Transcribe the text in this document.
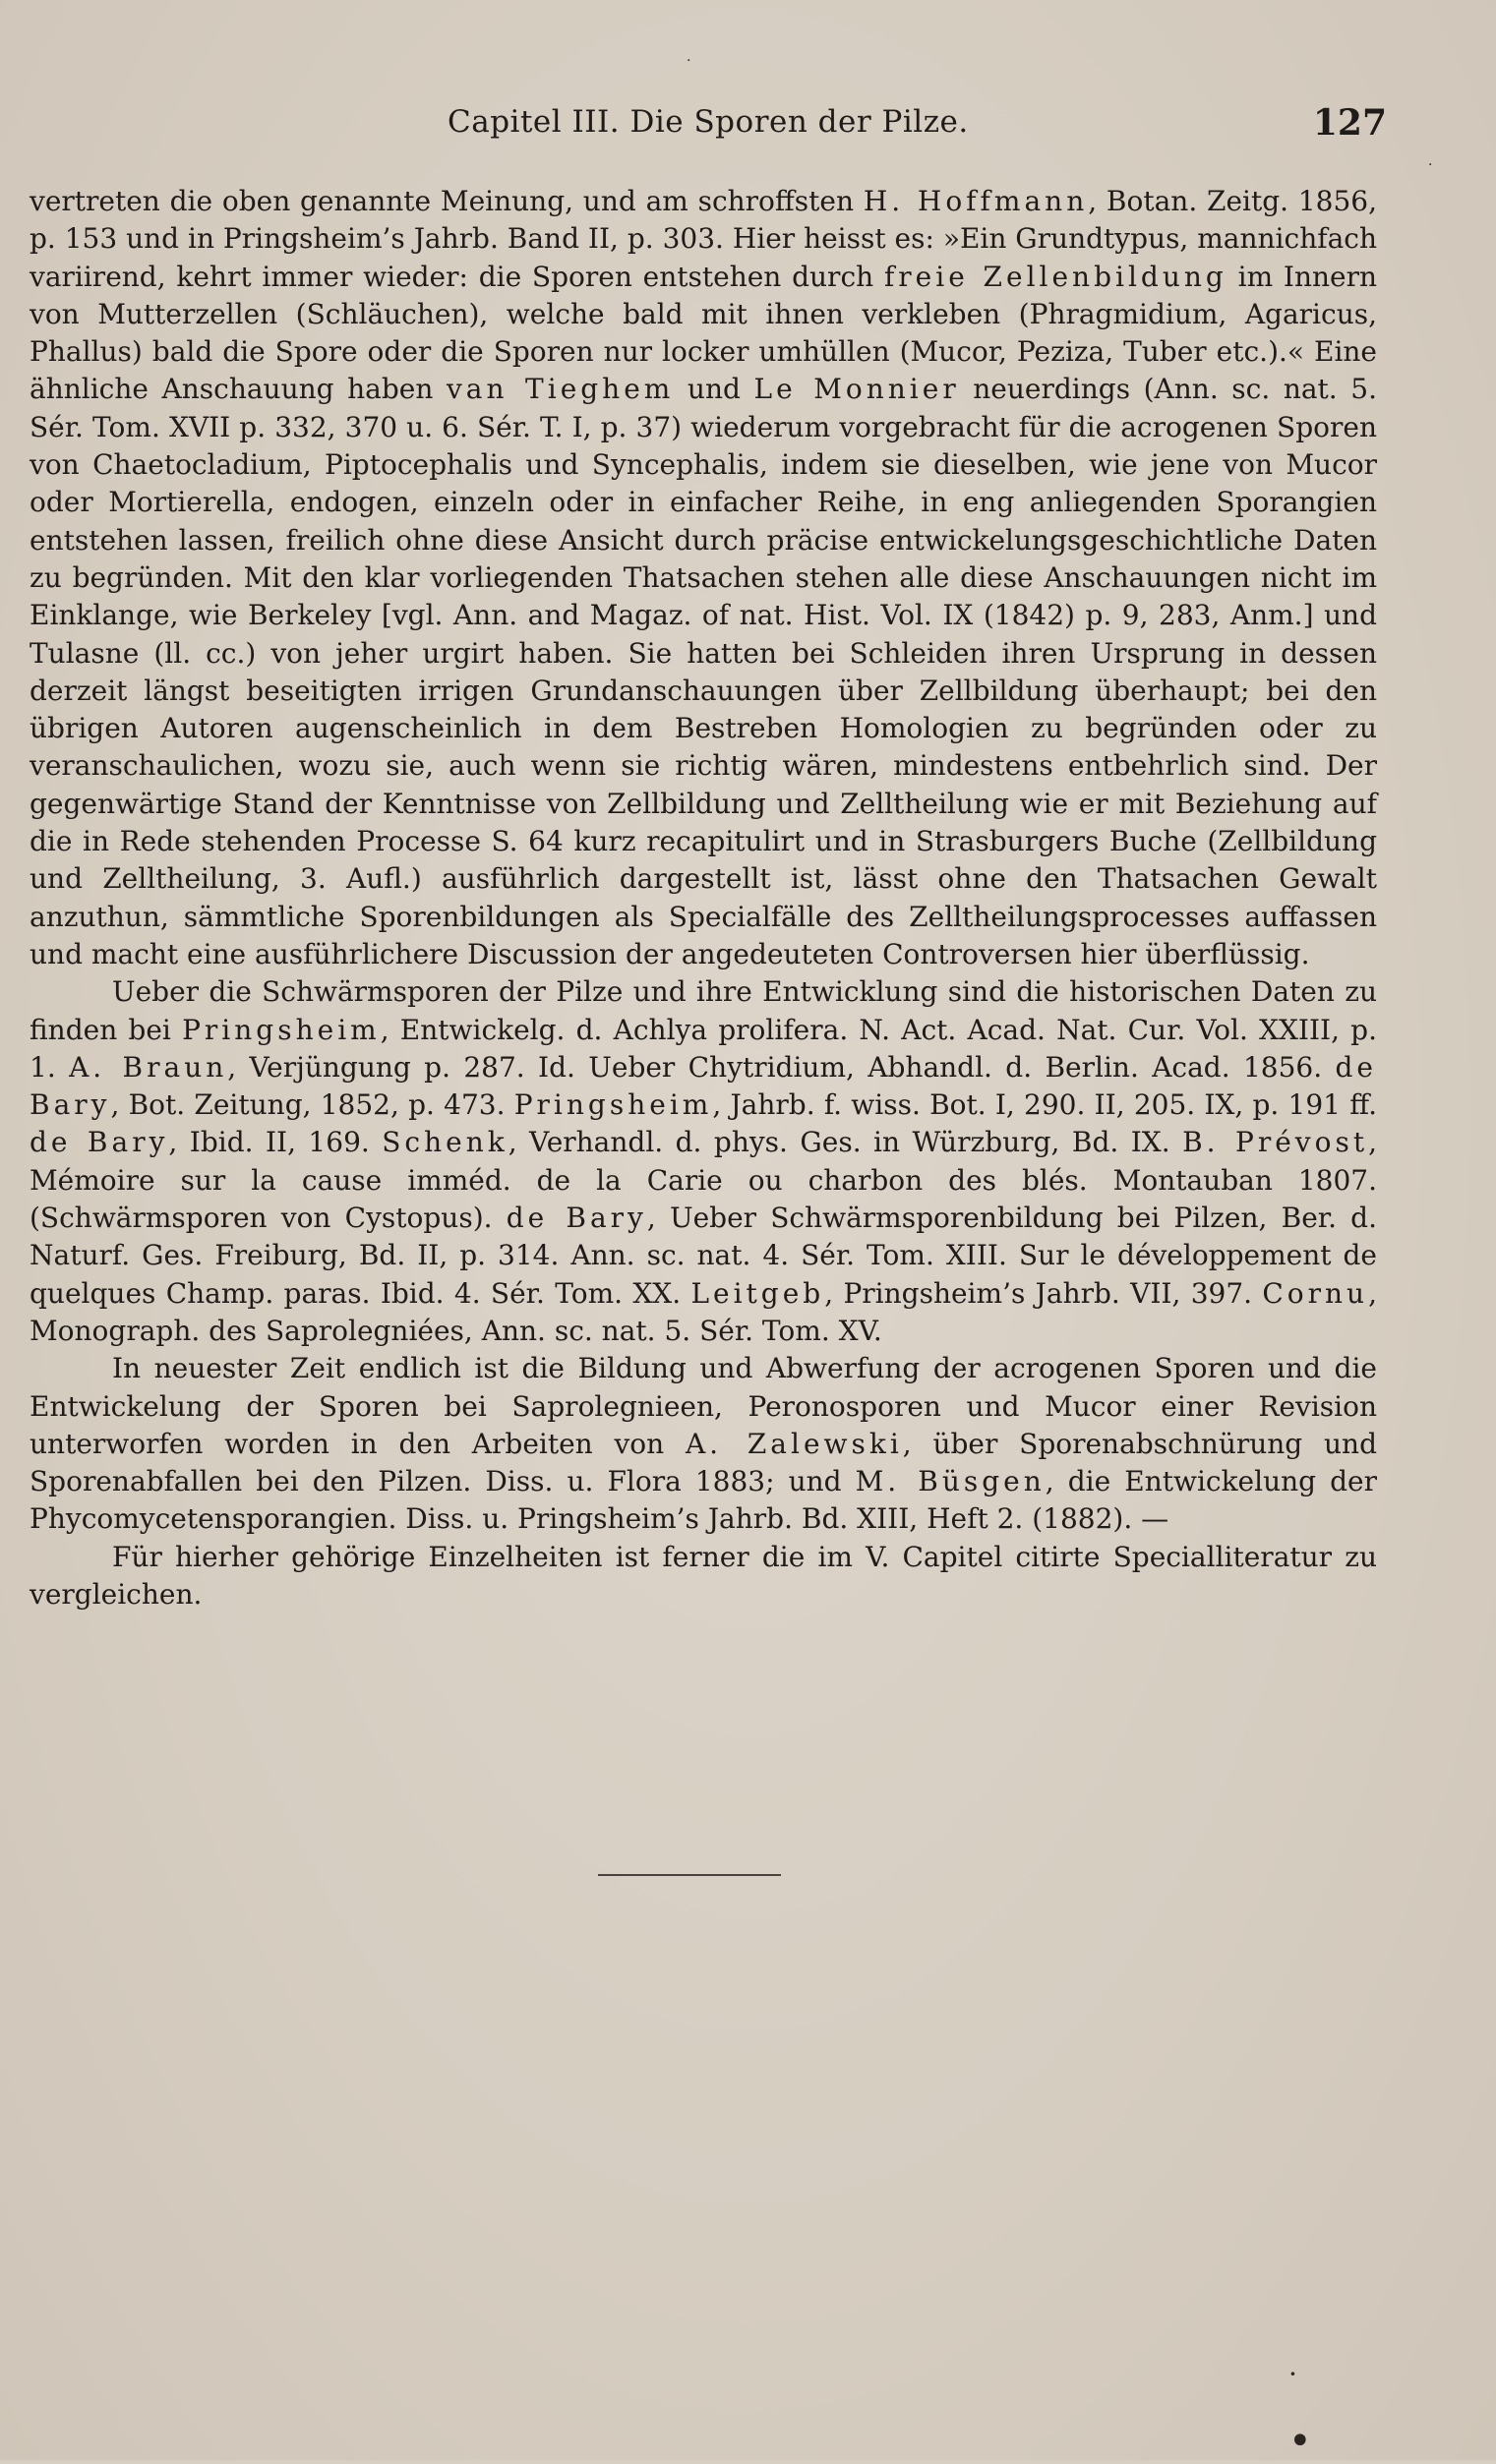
Capitel III. Die Sporen der Pilze.	127

vertreten die oben genannte Meinung, und am schroffsten H. Hoffmann, Botan. Zeitg. 1856, p. 153 und in Pringsheim’s Jahrb. Band II, p. 303. Hier heisst es: »Ein Grundtypus, mannichfach variirend, kehrt immer wieder: die Sporen entstehen durch freie Zellenbildung im Innern von Mutterzellen (Schläuchen), welche bald mit ihnen verkleben (Phragmidium, Agaricus, Phallus) bald die Spore oder die Sporen nur locker umhüllen (Mucor, Peziza, Tuber etc.).« Eine ähnliche Anschauung haben van Tieghem und Le Monnier neuerdings (Ann. sc. nat. 5. Sér. Tom. XVII p. 332, 370 u. 6. Sér. T. I, p. 37) wiederum vorgebracht für die acrogenen Sporen von Chaetocladium, Piptocephalis und Syncephalis, indem sie dieselben, wie jene von Mucor oder Mortierella, endogen, einzeln oder in einfacher Reihe, in eng anliegenden Sporangien entstehen lassen, freilich ohne diese Ansicht durch präcise entwickelungsgeschichtliche Daten zu begründen. Mit den klar vorliegenden Thatsachen stehen alle diese Anschauungen nicht im Einklange, wie Berkeley [vgl. Ann. and Magaz. of nat. Hist. Vol. IX (1842) p. 9, 283, Anm.] und Tulasne (ll. cc.) von jeher urgirt haben. Sie hatten bei Schleiden ihren Ursprung in dessen derzeit längst beseitigten irrigen Grundanschauungen über Zellbildung überhaupt; bei den übrigen Autoren augenscheinlich in dem Bestreben Homologien zu begründen oder zu veranschaulichen, wozu sie, auch wenn sie richtig wären, mindestens entbehrlich sind. Der gegenwärtige Stand der Kenntnisse von Zellbildung und Zelltheilung wie er mit Beziehung auf die in Rede stehenden Processe S. 64 kurz recapitulirt und in Strasburgers Buche (Zellbildung und Zelltheilung, 3. Aufl.) ausführlich dargestellt ist, lässt ohne den Thatsachen Gewalt anzuthun, sämmtliche Sporenbildungen als Specialfälle des Zelltheilungsprocesses auffassen und macht eine ausführlichere Discussion der angedeuteten Controversen hier überflüssig.

Ueber die Schwärmsporen der Pilze und ihre Entwicklung sind die historischen Daten zu finden bei Pringsheim, Entwickelg. d. Achlya prolifera. N. Act. Acad. Nat. Cur. Vol. XXIII, p. 1. A. Braun, Verjüngung p. 287. Id. Ueber Chytridium, Abhandl. d. Berlin. Acad. 1856. de Bary, Bot. Zeitung, 1852, p. 473. Pringsheim, Jahrb. f. wiss. Bot. I, 290. II, 205. IX, p. 191 ff. de Bary, Ibid. II, 169. Schenk, Verhandl. d. phys. Ges. in Würzburg, Bd. IX. B. Prévost, Mémoire sur la cause imméd. de la Carie ou charbon des blés. Montauban 1807. (Schwärmsporen von Cystopus). de Bary, Ueber Schwärmsporenbildung bei Pilzen, Ber. d. Naturf. Ges. Freiburg, Bd. II, p. 314. Ann. sc. nat. 4. Sér. Tom. XIII. Sur le développement de quelques Champ. paras. Ibid. 4. Sér. Tom. XX. Leitgeb, Pringsheim’s Jahrb. VII, 397. Cornu, Monograph. des Saprolegniées, Ann. sc. nat. 5. Sér. Tom. XV.

In neuester Zeit endlich ist die Bildung und Abwerfung der acrogenen Sporen und die Entwickelung der Sporen bei Saprolegnieen, Peronosporen und Mucor einer Revision unterworfen worden in den Arbeiten von A. Zalewski, über Sporenabschnürung und Sporenabfallen bei den Pilzen. Diss. u. Flora 1883; und M. Büsgen, die Entwickelung der Phycomycetensporangien. Diss. u. Pringsheim’s Jahrb. Bd. XIII, Heft 2. (1882). —

Für hierher gehörige Einzelheiten ist ferner die im V. Capitel citirte Specialliteratur zu vergleichen.

·
·
·
•
